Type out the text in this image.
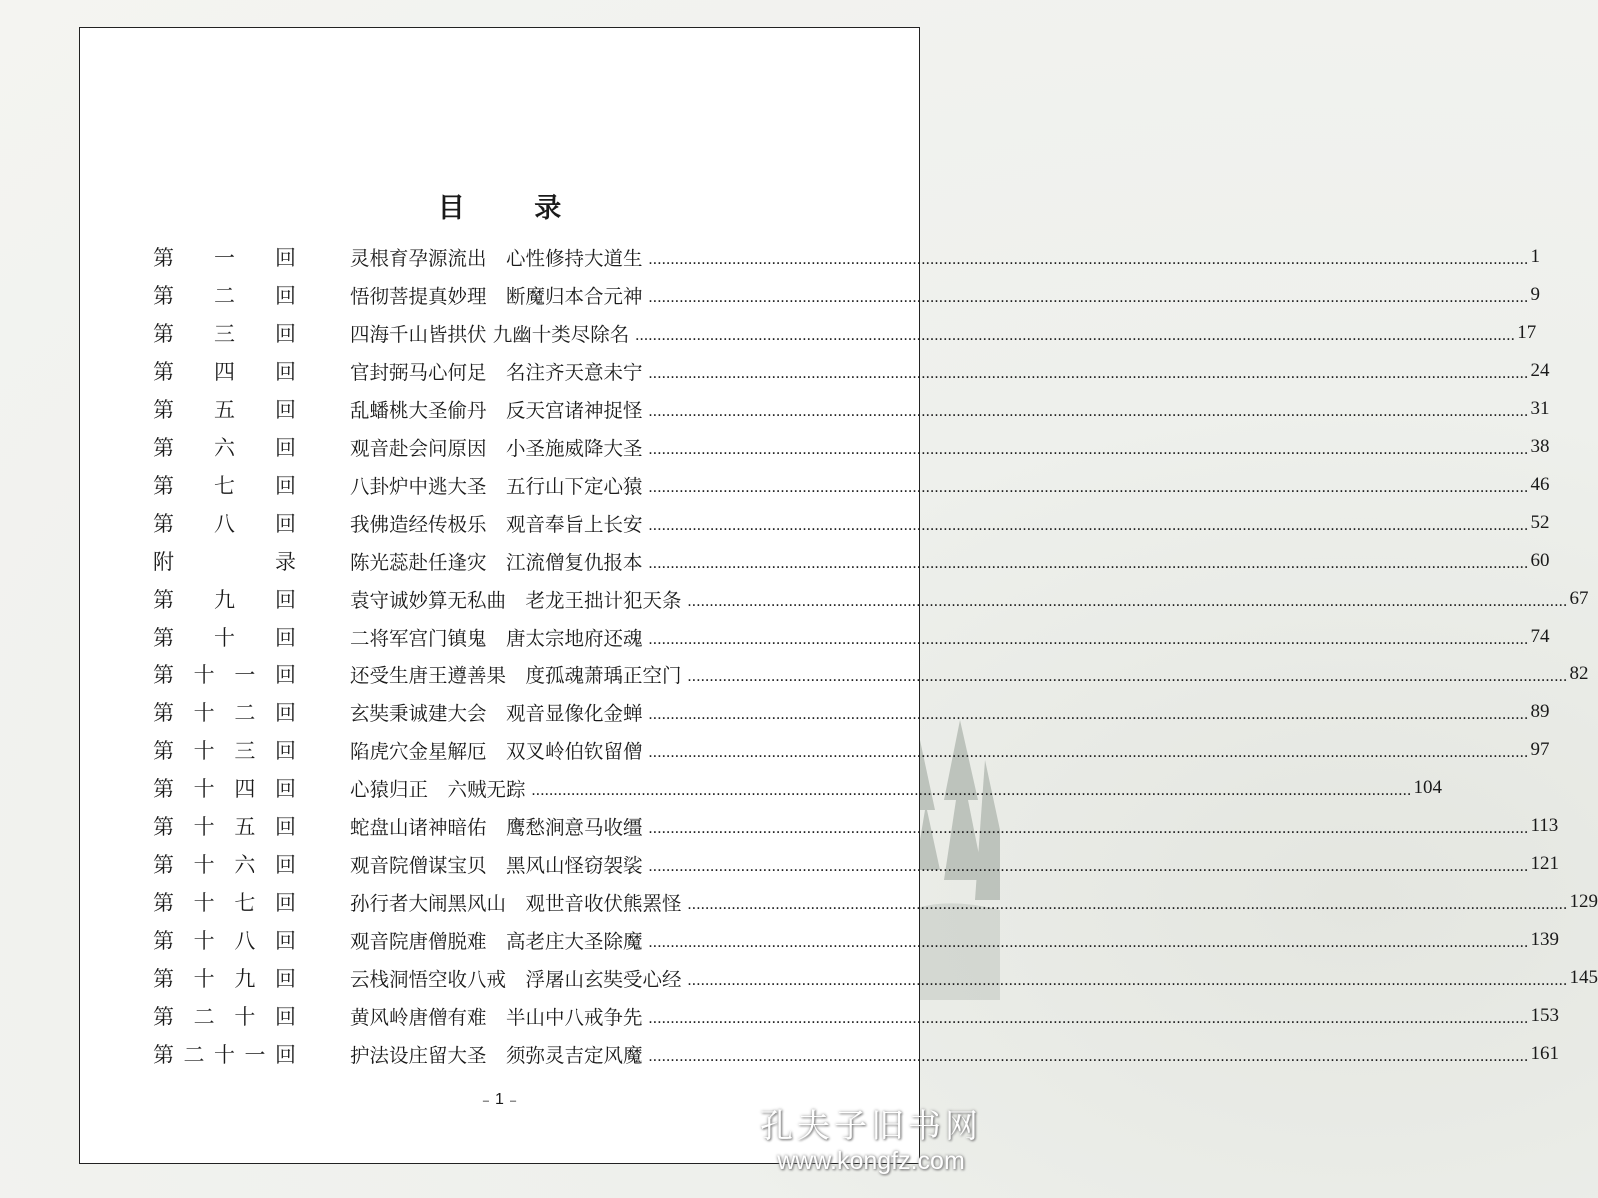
目 录
第一回	灵根育孕源流出　心性修持大道生 ........................................................................................................................................................................................................ 1
第二回	悟彻菩提真妙理　断魔归本合元神 ........................................................................................................................................................................................................ 9
第三回	四海千山皆拱伏 九幽十类尽除名 ........................................................................................................................................................................................................ 17
第四回	官封弼马心何足　名注齐天意未宁 ........................................................................................................................................................................................................ 24
第五回	乱蟠桃大圣偷丹　反天宫诸神捉怪 ........................................................................................................................................................................................................ 31
第六回	观音赴会问原因　小圣施威降大圣 ........................................................................................................................................................................................................ 38
第七回	八卦炉中逃大圣　五行山下定心猿 ........................................................................................................................................................................................................ 46
第八回	我佛造经传极乐　观音奉旨上长安 ........................................................................................................................................................................................................ 52
附录	陈光蕊赴任逢灾　江流僧复仇报本 ........................................................................................................................................................................................................ 60
第九回	袁守诚妙算无私曲　老龙王拙计犯天条 ........................................................................................................................................................................................................ 67
第十回	二将军宫门镇鬼　唐太宗地府还魂 ........................................................................................................................................................................................................ 74
第十一回	还受生唐王遵善果　度孤魂萧瑀正空门 ........................................................................................................................................................................................................ 82
第十二回	玄奘秉诚建大会　观音显像化金蝉 ........................................................................................................................................................................................................ 89
第十三回	陷虎穴金星解厄　双叉岭伯钦留僧 ........................................................................................................................................................................................................ 97
第十四回	心猿归正　六贼无踪 ........................................................................................................................................................................................................ 104
第十五回	蛇盘山诸神暗佑　鹰愁涧意马收缰 ........................................................................................................................................................................................................ 113
第十六回	观音院僧谋宝贝　黑风山怪窃袈裟 ........................................................................................................................................................................................................ 121
第十七回	孙行者大闹黑风山　观世音收伏熊罴怪 ........................................................................................................................................................................................................ 129
第十八回	观音院唐僧脱难　高老庄大圣除魔 ........................................................................................................................................................................................................ 139
第十九回	云栈洞悟空收八戒　浮屠山玄奘受心经 ........................................................................................................................................................................................................ 145
第二十回	黄风岭唐僧有难　半山中八戒争先 ........................................................................................................................................................................................................ 153
第二十一回	护法设庄留大圣　须弥灵吉定风魔 ........................................................................................................................................................................................................ 161
– 1 –
孔夫子旧书网
www.kongfz.com
